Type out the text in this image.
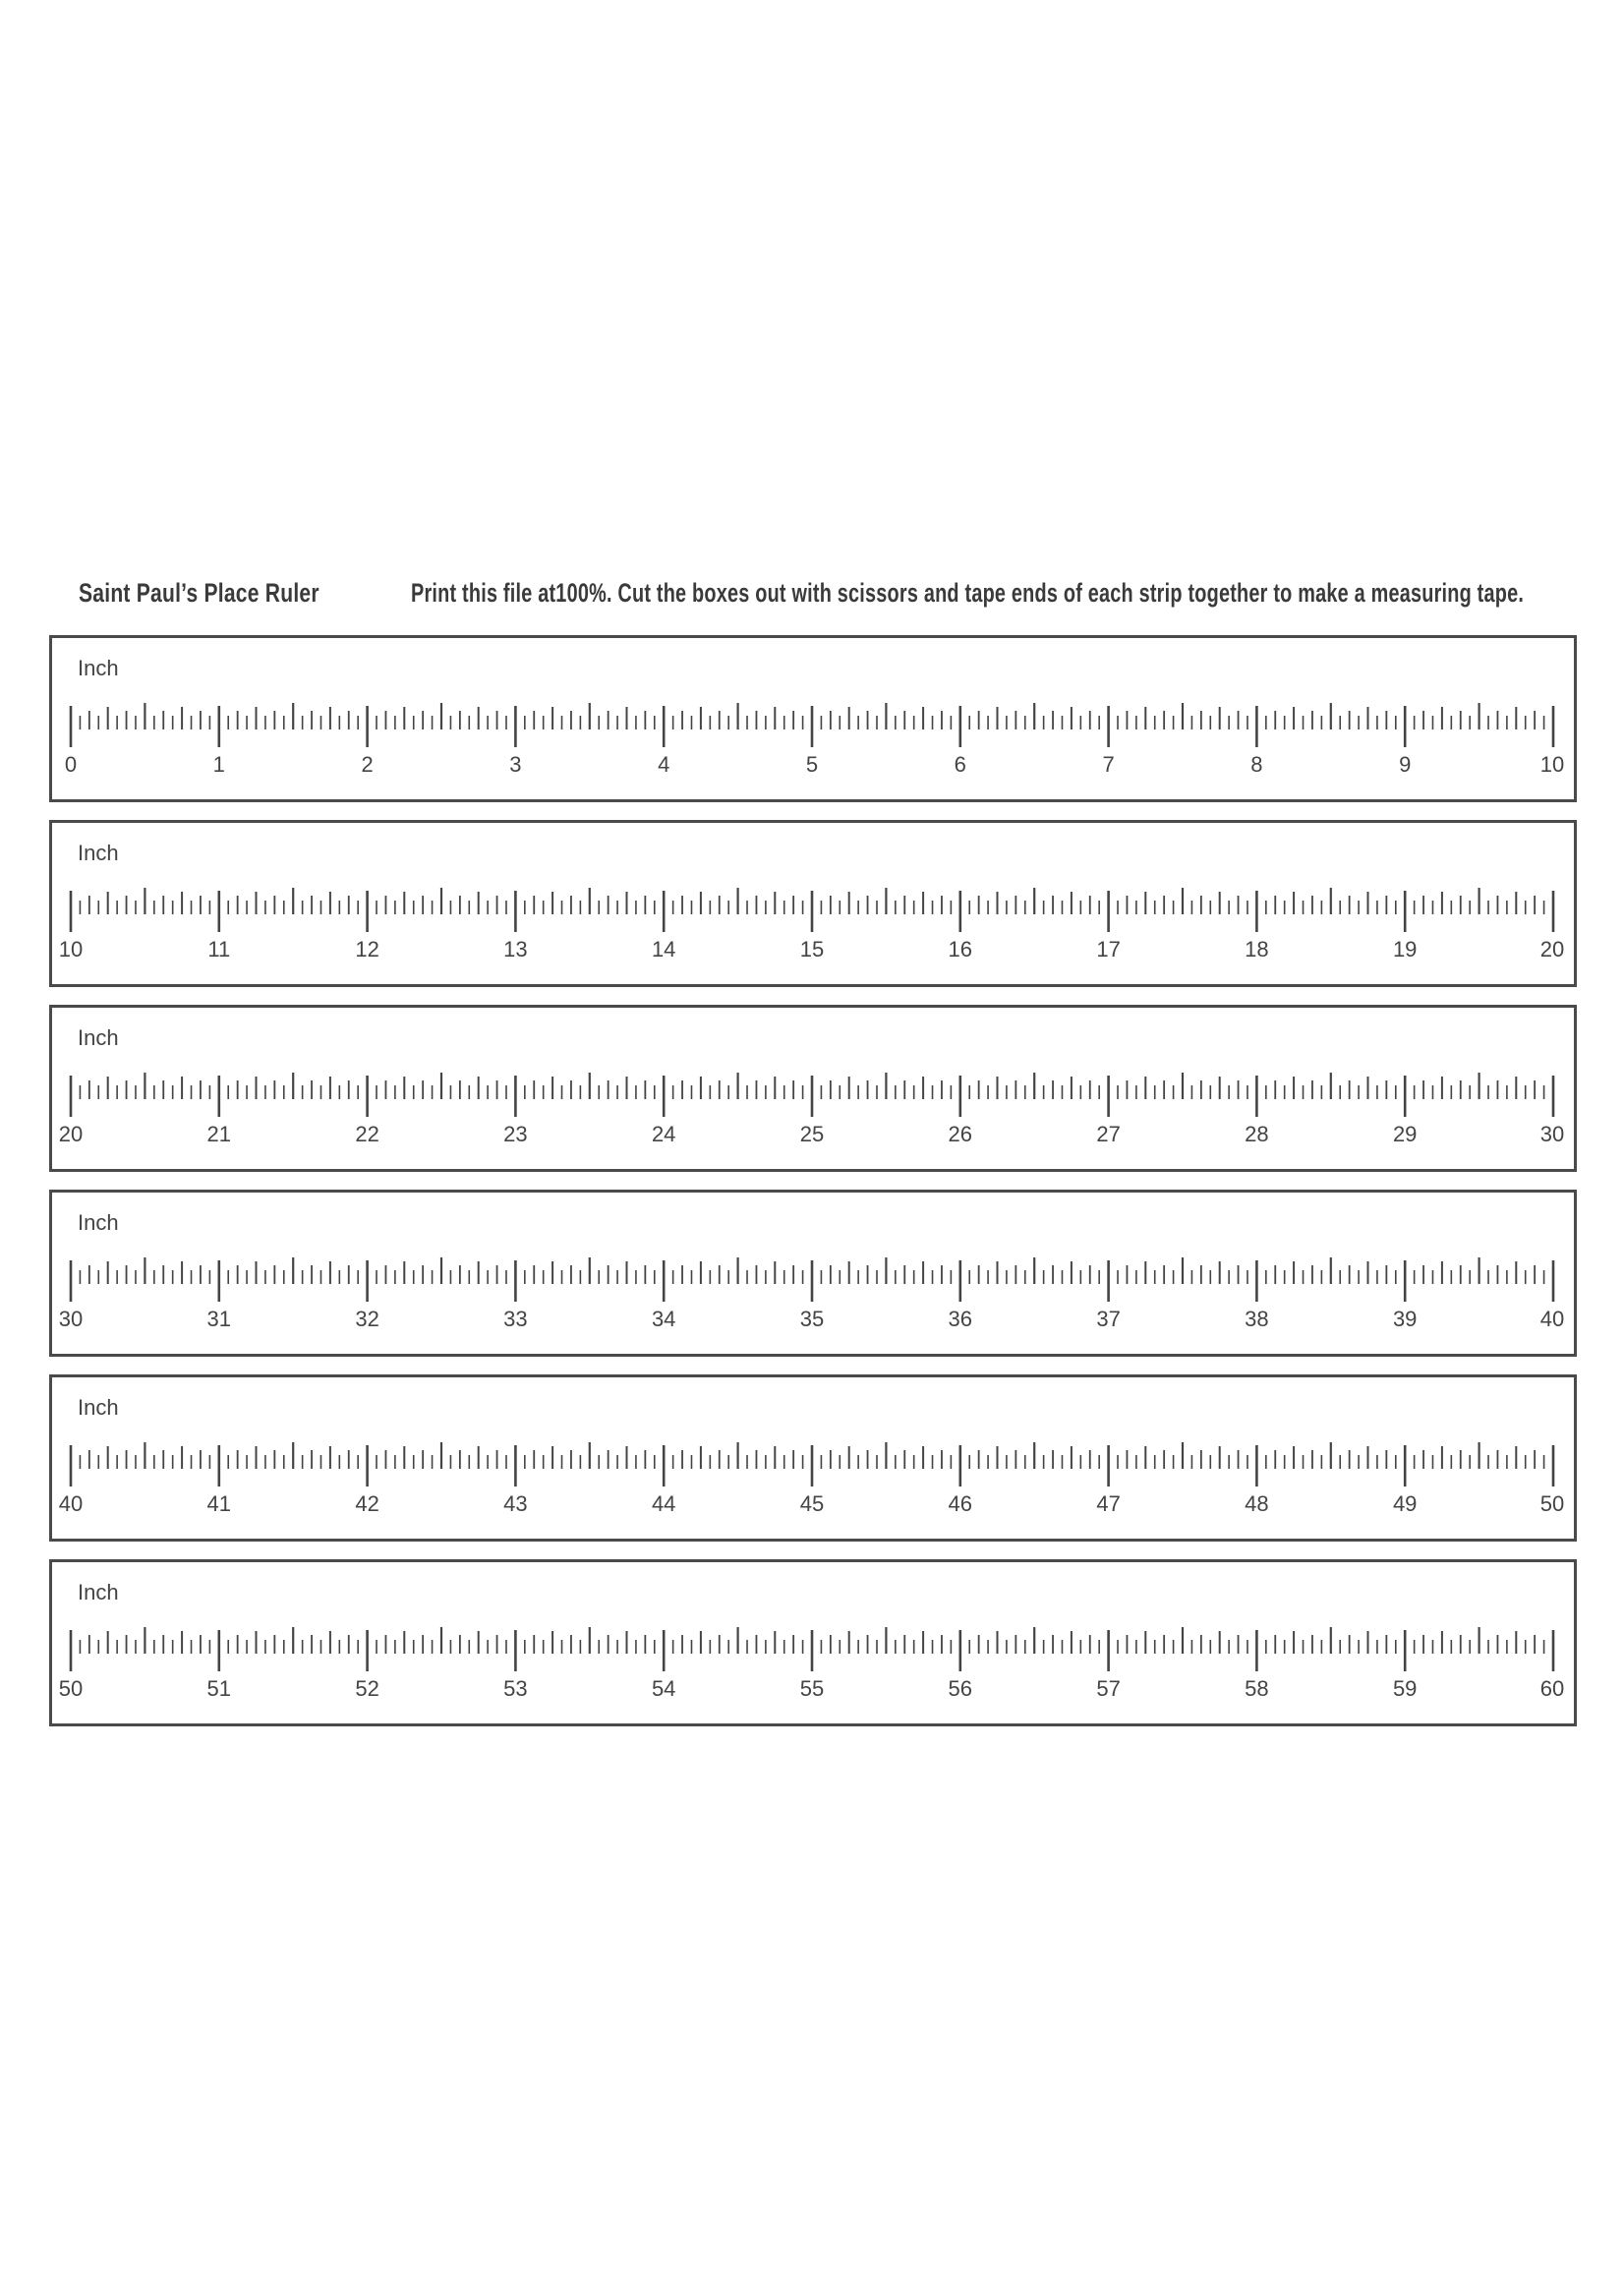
Saint Paul’s Place Ruler	Print this file at100%. Cut the boxes out with scissors and tape ends of each strip together to make a measuring tape.
Inch
0	1	2	3	4	5	6	7	8	9	10
Inch
10	11	12	13	14	15	16	17	18	19	20
Inch
20	21	22	23	24	25	26	27	28	29	30
Inch
30	31	32	33	34	35	36	37	38	39	40
Inch
40	41	42	43	44	45	46	47	48	49	50
Inch
50	51	52	53	54	55	56	57	58	59	60
